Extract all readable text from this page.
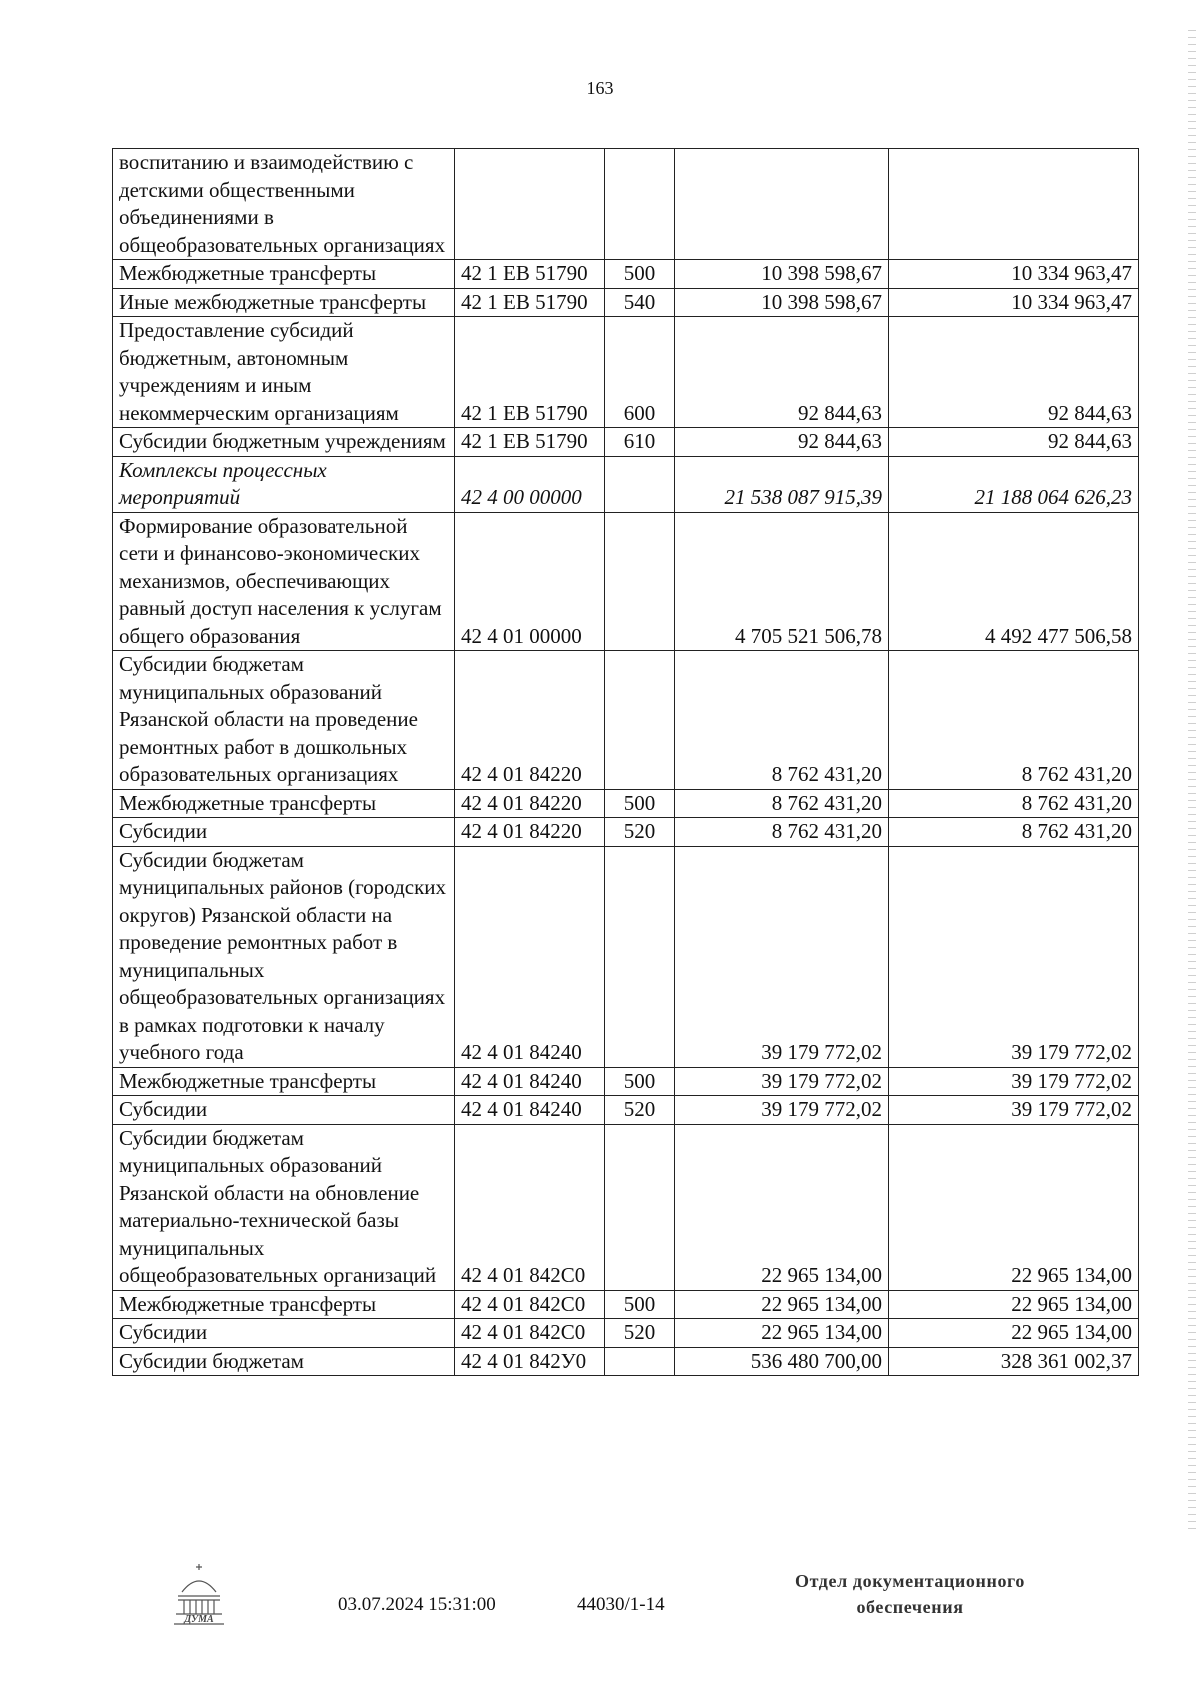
163
воспитанию и взаимодействию с детскими общественными объединениями в общеобразовательных организациях				
Межбюджетные трансферты	42 1 ЕВ 51790	500	10 398 598,67	10 334 963,47
Иные межбюджетные трансферты	42 1 ЕВ 51790	540	10 398 598,67	10 334 963,47
Предоставление субсидий бюджетным, автономным учреждениям и иным некоммерческим организациям	42 1 ЕВ 51790	600	92 844,63	92 844,63
Субсидии бюджетным учреждениям	42 1 ЕВ 51790	610	92 844,63	92 844,63
Комплексы процессных мероприятий	42 4 00 00000		21 538 087 915,39	21 188 064 626,23
Формирование образовательной сети и финансово-экономических механизмов, обеспечивающих равный доступ населения к услугам общего образования	42 4 01 00000		4 705 521 506,78	4 492 477 506,58
Субсидии бюджетам муниципальных образований Рязанской области на проведение ремонтных работ в дошкольных образовательных организациях	42 4 01 84220		8 762 431,20	8 762 431,20
Межбюджетные трансферты	42 4 01 84220	500	8 762 431,20	8 762 431,20
Субсидии	42 4 01 84220	520	8 762 431,20	8 762 431,20
Субсидии бюджетам муниципальных районов (городских округов) Рязанской области на проведение ремонтных работ в муниципальных общеобразовательных организациях в рамках подготовки к началу учебного года	42 4 01 84240		39 179 772,02	39 179 772,02
Межбюджетные трансферты	42 4 01 84240	500	39 179 772,02	39 179 772,02
Субсидии	42 4 01 84240	520	39 179 772,02	39 179 772,02
Субсидии бюджетам муниципальных образований Рязанской области на обновление материально-технической базы муниципальных общеобразовательных организаций	42 4 01 842С0		22 965 134,00	22 965 134,00
Межбюджетные трансферты	42 4 01 842С0	500	22 965 134,00	22 965 134,00
Субсидии	42 4 01 842С0	520	22 965 134,00	22 965 134,00
Субсидии бюджетам	42 4 01 842У0		536 480 700,00	328 361 002,37
ДУМА
03.07.2024 15:31:00	44030/1-14
Отдел документационного
обеспечения
